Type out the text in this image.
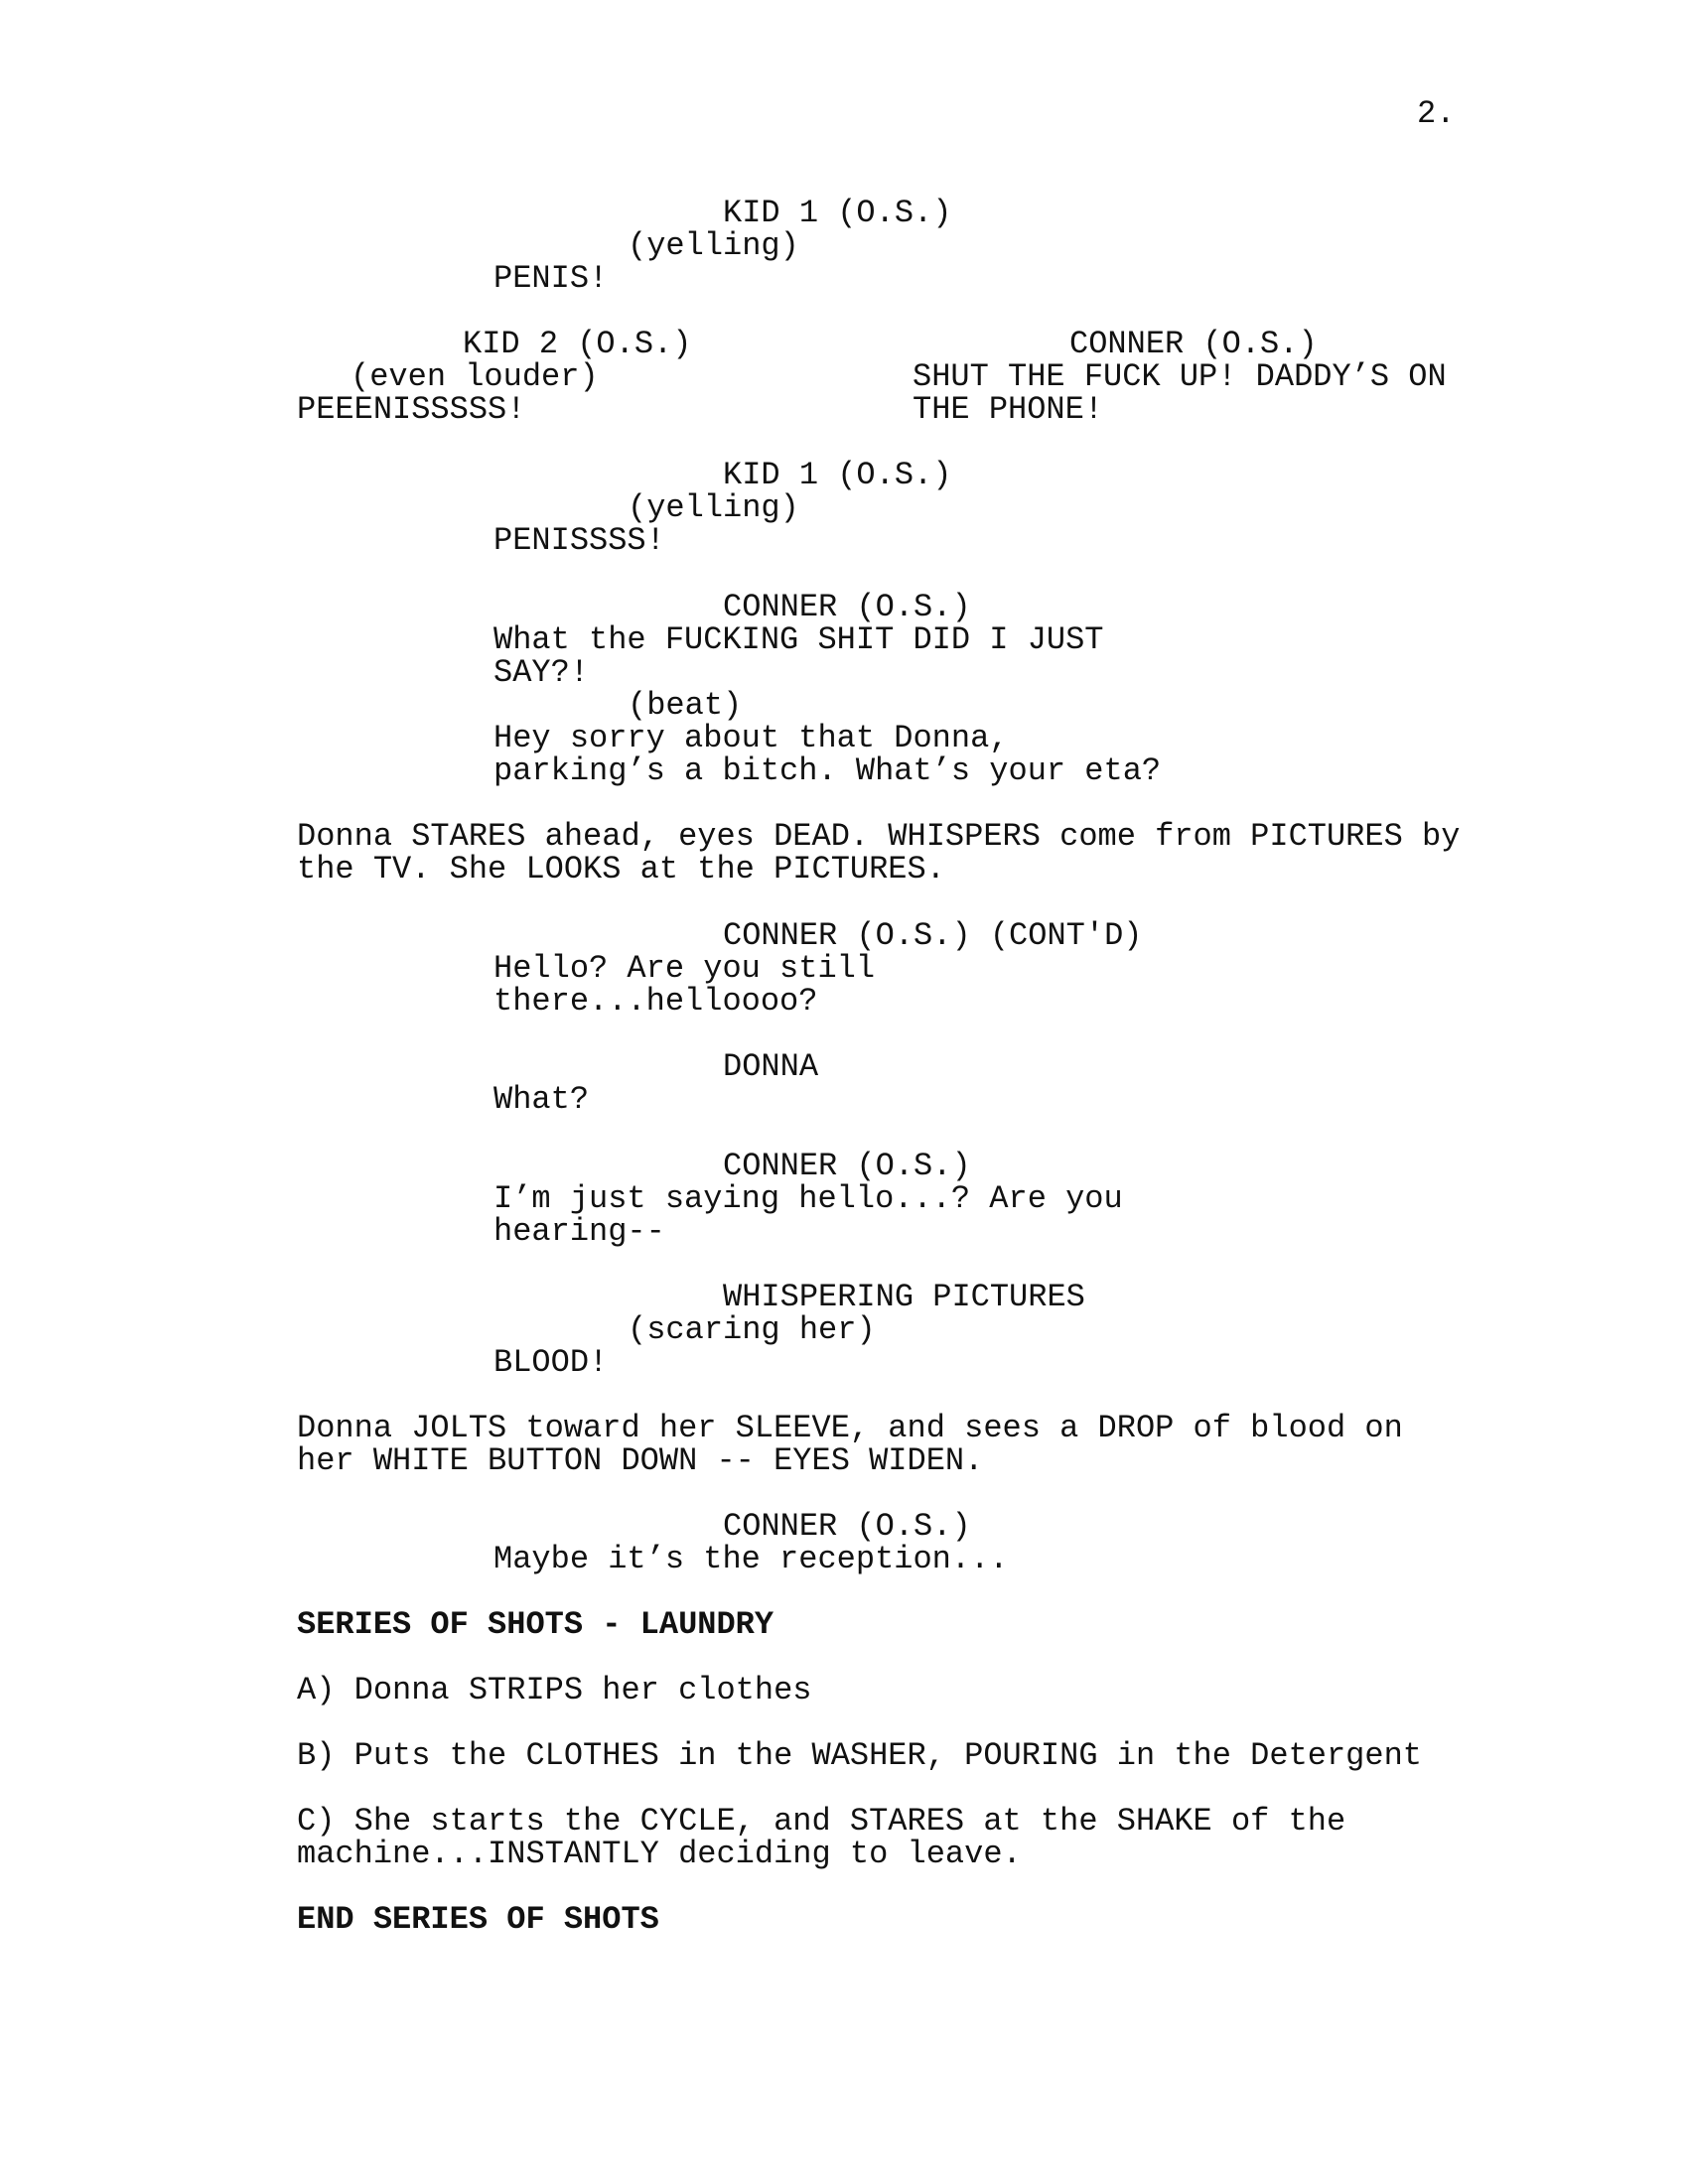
2.
KID 1 (O.S.)
(yelling)
PENIS!
KID 2 (O.S.)
(even louder)
PEEENISSSSS!
CONNER (O.S.)
SHUT THE FUCK UP! DADDY’S ON
THE PHONE!
KID 1 (O.S.)
(yelling)
PENISSSS!
CONNER (O.S.)
What the FUCKING SHIT DID I JUST
SAY?!
(beat)
Hey sorry about that Donna,
parking’s a bitch. What’s your eta?
Donna STARES ahead, eyes DEAD. WHISPERS come from PICTURES by
the TV. She LOOKS at the PICTURES.
CONNER (O.S.) (CONT'D)
Hello? Are you still
there...helloooo?
DONNA
What?
CONNER (O.S.)
I’m just saying hello...? Are you
hearing--
WHISPERING PICTURES
(scaring her)
BLOOD!
Donna JOLTS toward her SLEEVE, and sees a DROP of blood on
her WHITE BUTTON DOWN -- EYES WIDEN.
CONNER (O.S.)
Maybe it’s the reception...
SERIES OF SHOTS - LAUNDRY
A) Donna STRIPS her clothes
B) Puts the CLOTHES in the WASHER, POURING in the Detergent
C) She starts the CYCLE, and STARES at the SHAKE of the
machine...INSTANTLY deciding to leave.
END SERIES OF SHOTS
